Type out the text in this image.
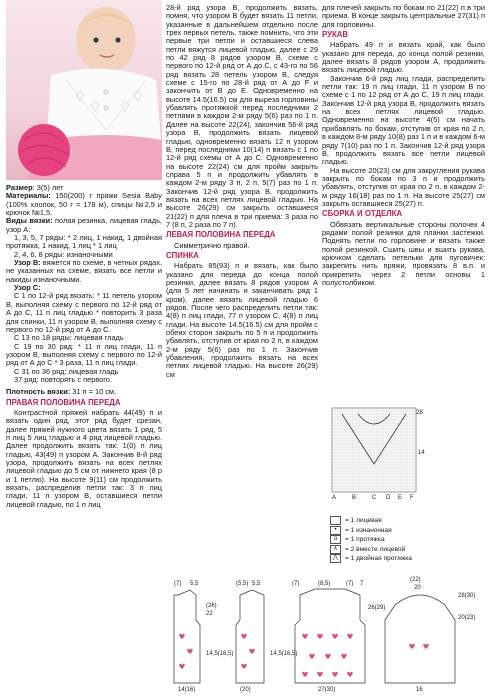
Размер: 3(5) лет

Материалы: 150(200) г пряжи Sesia Baby (100% хлопок, 50 г = 178 м), спицы №2,5 и крючок №1,5.

Виды вязки: полая резинка, лицевая гладь, узор А:

1, 3, 5, 7 ряды: * 2 лиц, 1 накид, 1 двойная протяжка, 1 накид, 1 лиц * 1 лиц

2, 4, 6, 8 ряды: изнаночными

Узор В: вяжется по схеме, в четных рядах, не указанных на схеме, вязать все петли и накиды изнаночными.

Узор С:

С 1 по 12-й ряд вязать: * 11 петель узором В, выполняя схему с первого по 12-й ряд от А до С, 11 п лиц гладью * повторить 3 раза для спинки, 11 п узором В, выполняя схему с первого по 12-й ряд от А до С.

С 13 по 18 ряды: лицевая гладь

С 19 по 30 ряд: * 11 п лиц глади, 11 п узором В, выполняя схему с первого по 12-й ряд от А до С * 3 раза, 11 п лиц глади.

С 31 по 36 ряд: лицевая гладь

37 ряд: повторять с первого.

Плотность вязки: 31 п = 10 см.

ПРАВАЯ ПОЛОВИНА ПЕРЕДА

Контрастной пряжей набрать 44(49) п и вязать один ряд, этот ряд будет срезан, далее пряжей нужного цвета вязать 1 ряд, 5 п лиц 5 лиц гладью и 4 ряд лицевой гладью. Далее продолжить вязать так: 1(0) п лиц гладью, 43(49) п узором А. Закончив 8-й ряд узора, продолжить вязать на всех петлях лицевой гладью до 5 см от нижнего края (8 р и 1 петлю). На высоте 9(11) см продолжить вязать, распределив петли так: 3 п лиц глади, 11 п узором В, оставшиеся петли лицевой гладью, по 1 п лиц

28-й ряд узора В, продолжить вязать, помня, что узором В будет вязать 11 петли, указанные в дальнейшем отдельно после трех первых петель, также помнить, что эти первые три петли и оставшиеся слева петли вяжутся лицевой гладью, далее с 29 по 42 ряд 8 рядов узором В, схеме с первого по 12-й ряд от А до С, с 43-го по 56 ряд вязать 28 петель узором В, следуя схеме с 15-го по 28-й ряд от А до F и закончить от В до Е. Одновременно на высоте 14.5(16.5) см для выреза горловины убавлять протяжкой перед последними 2 петлями в каждом 2-м ряду 5(6) раз по 1 п. Далее на высоте 22(24), закончив 56-й ряд узора В, продолжить вязать лицевой гладью, одновременно вязать 12 п узором В, перед последними 10(14) п вязать с 1 по 12-й ряд схемы от А до С. Одновременно на высоте 22(24) см для пройм закрыть справа 5 п и продолжить убавлять в каждом 2-м ряду 3 п, 2 п, 5(7) раз по 1 п. Закончив 12-й ряд узора В, продолжить вязать на всех петлях лицевой гладью. На высоте 26(29) см закрыть оставшиеся 21(22) п для плеча в три приема: 3 раза по 7 (8 п, 2 раза по 7 п).

ЛЕВАЯ ПОЛОВИНА ПЕРЕДА

Симметрично правой.

СПИНКА

Набрать 85(93) п и вязать, как было указано для переда до конца полой резинки, далее вязать 8 рядов узором А (для 5 лет начинать и заканчивать ряд 1 кром), далее вязать лицевой гладью 6 рядов. После чего распределить петли так: 4(8) п лиц глади, 77 п узором С, 4(8) п лиц глади. На высоте 14.5(16.5) см для пройм с обеих сторон закрыть по 5 п и продолжить убавлять, отступив от края по 2 п, в каждом 2-м ряду 5(6) раз по 1 п. Закончив убавления, продолжить вязать на всех петлях лицевой гладью. На высоте 26(29) см

для плечей закрыть по бокам по 21(22) п в три приема. В конце закрыть центральные 27(31) п для горловины.

РУКАВ

Набрать 49 п и вязать край, как было указано для переда, до конца полой резинки, далее вязать 8 рядов узором А, продолжить вязать лицевой гладью.

Закончив 6-й ряд лиц глади, распределить петли так: 19 п лиц глади, 11 п узором В по схеме с 1 по 12 ряд от А до С, 19 п лиц глади. Закончив 12-й ряд узора В, продолжить вязать на всех петлях лицевой гладью. Одновременно на высоте 4(5) см начать прибавлять по бокам, отступив от края по 2 п, в каждом 8-м ряду 10(8) раз 1 п и в каждом 6-м ряду 7(10) раз по 1 п. Закончив 12-й ряд узора В, продолжить вязать все петли лицевой гладью.

На высоте 20(23) см для закругления рукава закрыть по бокам по 3 п и продолжить убавлять, отступив от края по 2 п, в каждом 2-м ряду 16(18) раз по 1 п. На высоте 25(27) см закрыть оставшиеся 25(27) п.

СБОРКА И ОТДЕЛКА

Обвязать вертикальные стороны полочек 4 рядами полой резинки для планки застежки. Поднять петли по горловине и вязать также полой резинкой. Сшить швы и вшить рукава, крючком сделать петельки для пуговичек: закрепить нить пряжи, провязать 8 в.п. и прикрепить через 2 петли основы 1 полустолбиком.

28
14
А	В	С D Е F
= 1 лицевая
•	= 1 изнаночная
o	= 1 протяжка
∧	= 2 вместе лицевой
⋀	= 1 двойная протяжка
(7) 5,5	(5,5) 5,5
22
(26)
14,5(16,5)
14(16)	(20)
(7)	(8,5)	(7) 7
27(30)
26(29)
14,5(16,5)
(22)
20
28(30)
20(23)
16
